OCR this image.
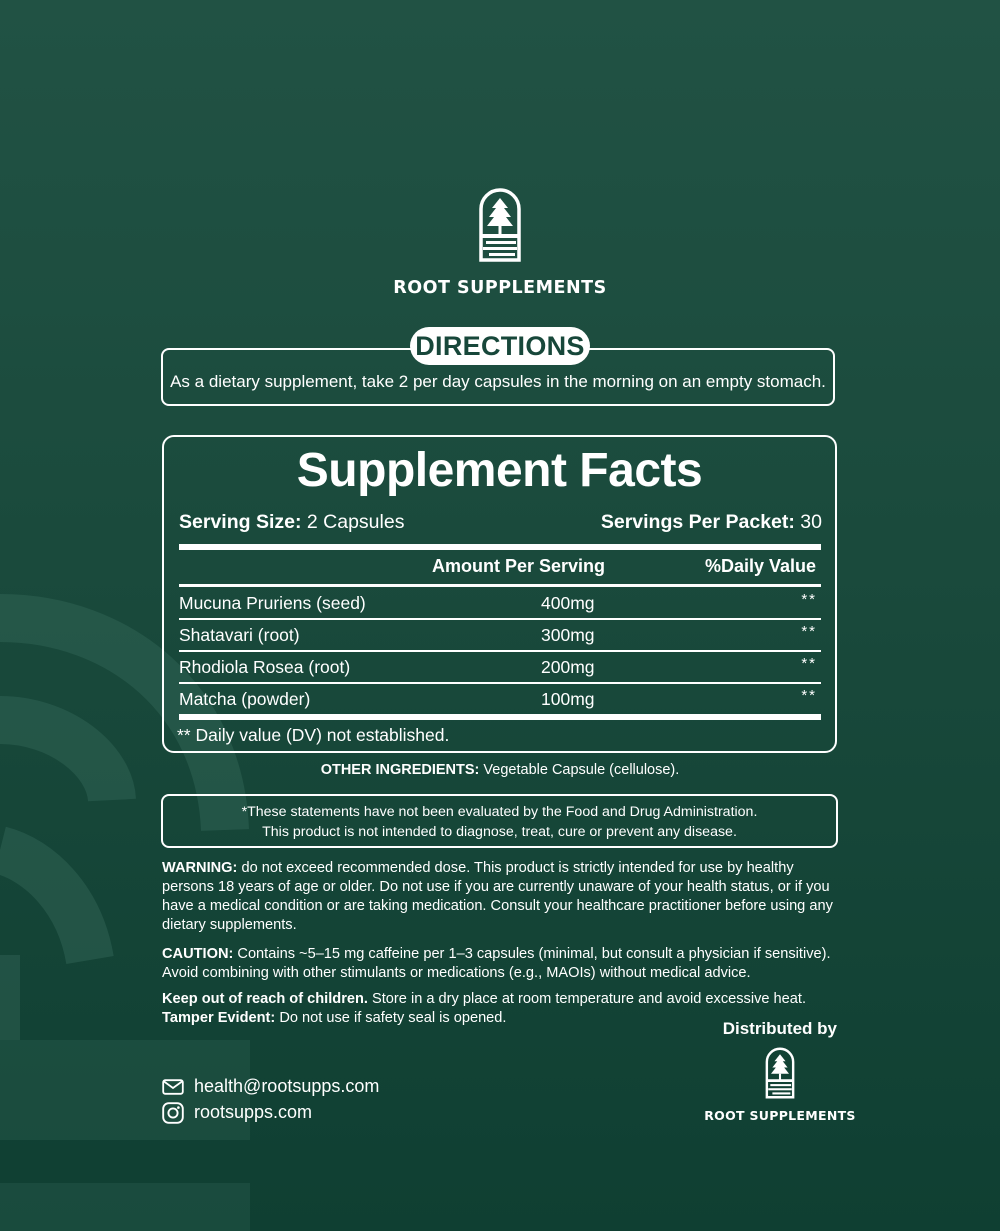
ROOT SUPPLEMENTS
DIRECTIONS
As a dietary supplement, take 2 per day capsules in the morning on an empty stomach.
Supplement Facts
Serving Size: 2 Capsules	Servings Per Packet: 30
Amount Per Serving	%Daily Value
Mucuna Pruriens (seed)	400mg	**
Shatavari (root)	300mg	**
Rhodiola Rosea (root)	200mg	**
Matcha (powder)	100mg	**
** Daily value (DV) not established.
OTHER INGREDIENTS: Vegetable Capsule (cellulose).
*These statements have not been evaluated by the Food and Drug Administration.
This product is not intended to diagnose, treat, cure or prevent any disease.
WARNING: do not exceed recommended dose. This product is strictly intended for use by healthy persons 18 years of age or older. Do not use if you are currently unaware of your health status, or if you have a medical condition or are taking medication. Consult your healthcare practitioner before using any dietary supplements.
CAUTION: Contains ~5–15 mg caffeine per 1–3 capsules (minimal, but consult a physician if sensitive). Avoid combining with other stimulants or medications (e.g., MAOIs) without medical advice.
Keep out of reach of children. Store in a dry place at room temperature and avoid excessive heat.
Tamper Evident: Do not use if safety seal is opened.
Distributed by
ROOT SUPPLEMENTS
health@rootsupps.com
rootsupps.com
